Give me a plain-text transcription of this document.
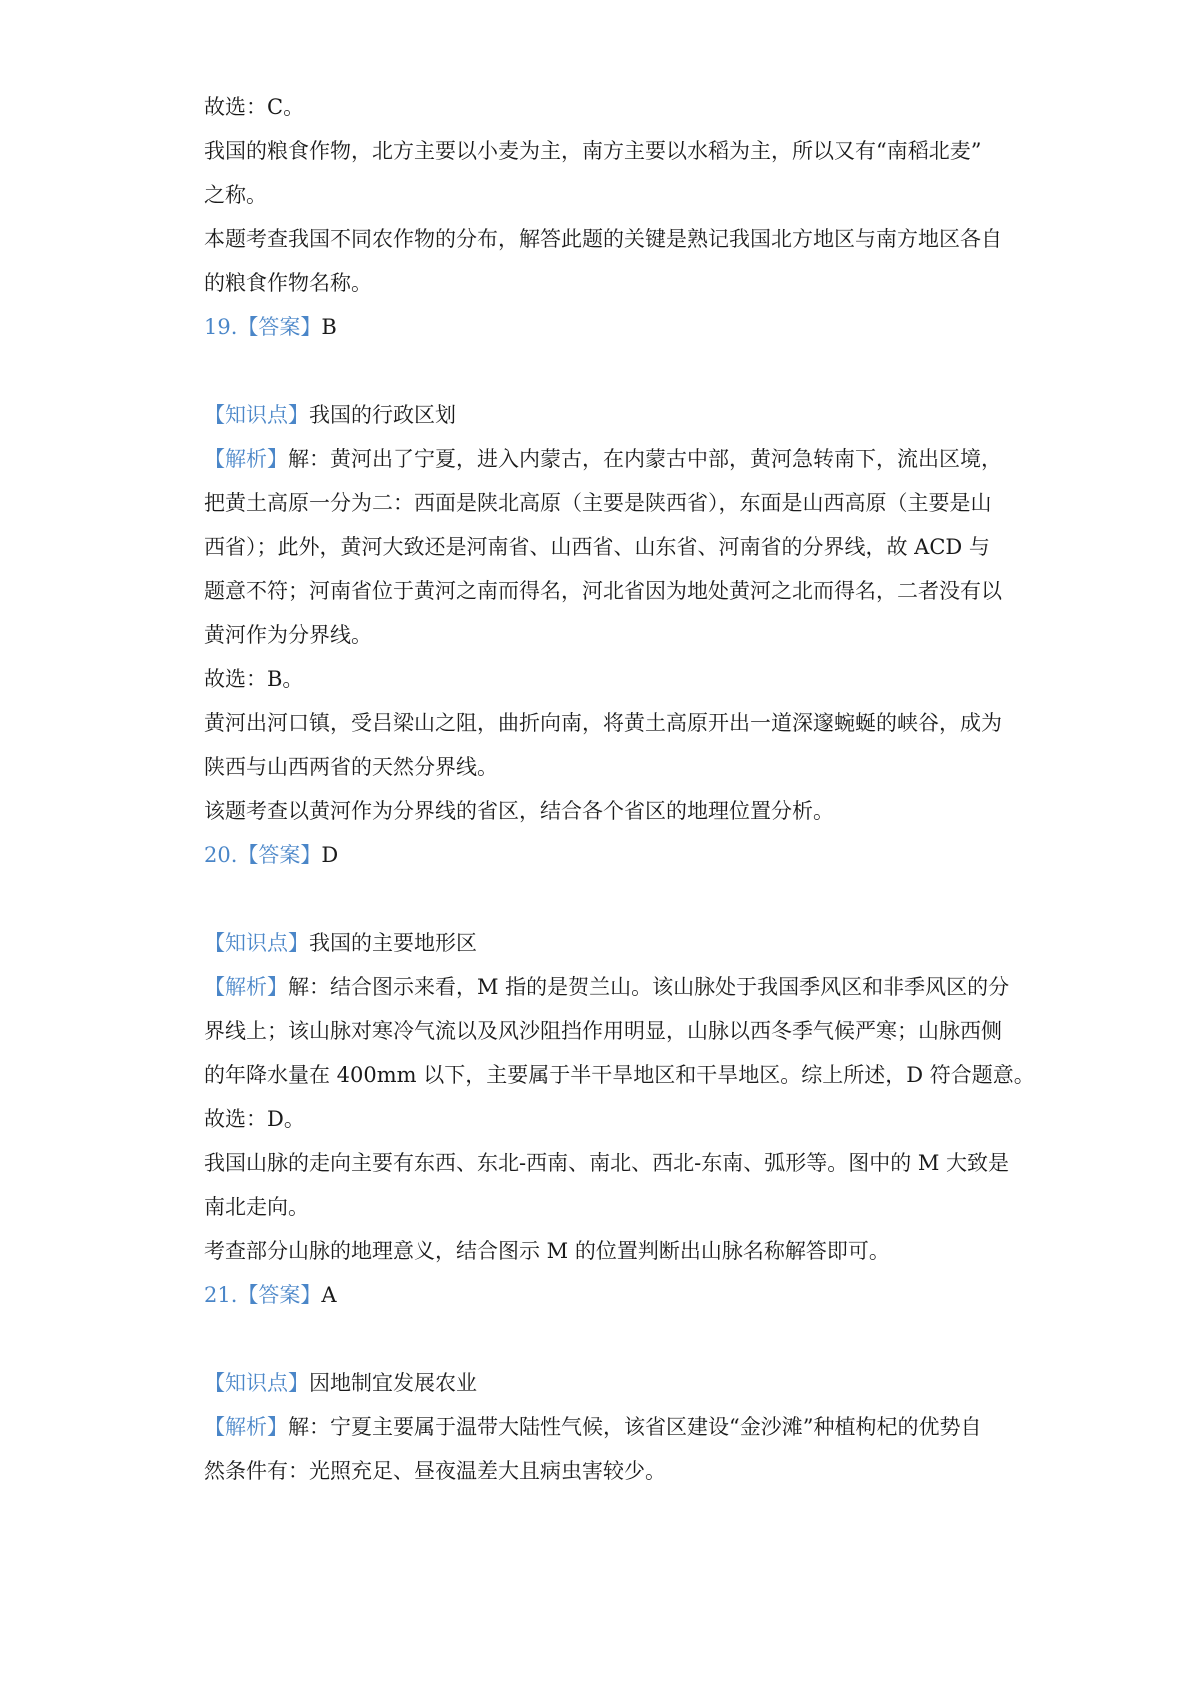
故选：C。
我国的粮食作物，北方主要以小麦为主，南方主要以水稻为主，所以又有“南稻北麦”
之称。
本题考查我国不同农作物的分布，解答此题的关键是熟记我国北方地区与南方地区各自
的粮食作物名称。
19.【答案】B
【知识点】我国的行政区划
【解析】解：黄河出了宁夏，进入内蒙古，在内蒙古中部，黄河急转南下，流出区境，
把黄土高原一分为二：西面是陕北高原（主要是陕西省），东面是山西高原（主要是山
西省）；此外，黄河大致还是河南省、山西省、山东省、河南省的分界线，故 ACD 与
题意不符；河南省位于黄河之南而得名，河北省因为地处黄河之北而得名，二者没有以
黄河作为分界线。
故选：B。
黄河出河口镇，受吕梁山之阻，曲折向南，将黄土高原开出一道深邃蜿蜒的峡谷，成为
陕西与山西两省的天然分界线。
该题考查以黄河作为分界线的省区，结合各个省区的地理位置分析。
20.【答案】D
【知识点】我国的主要地形区
【解析】解：结合图示来看，M 指的是贺兰山。该山脉处于我国季风区和非季风区的分
界线上；该山脉对寒冷气流以及风沙阻挡作用明显，山脉以西冬季气候严寒；山脉西侧
的年降水量在 400mm 以下，主要属于半干旱地区和干旱地区。综上所述，D 符合题意。
故选：D。
我国山脉的走向主要有东西、东北-西南、南北、西北-东南、弧形等。图中的 M 大致是
南北走向。
考查部分山脉的地理意义，结合图示 M 的位置判断出山脉名称解答即可。
21.【答案】A
【知识点】因地制宜发展农业
【解析】解：宁夏主要属于温带大陆性气候，该省区建设“金沙滩”种植枸杞的优势自
然条件有：光照充足、昼夜温差大且病虫害较少。
